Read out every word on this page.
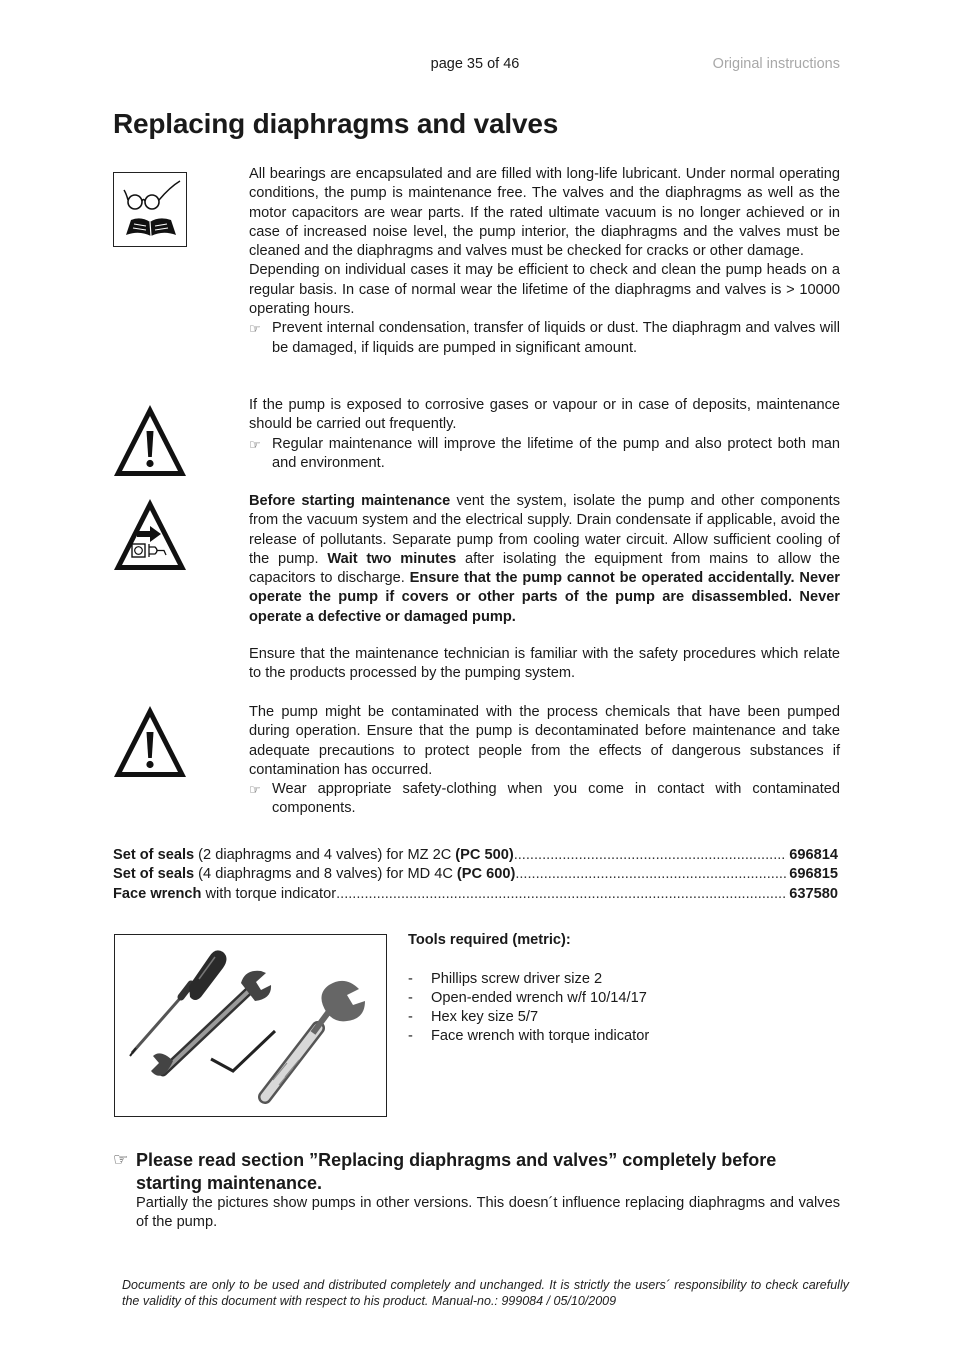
page 35 of 46	Original instructions
Replacing diaphragms and valves

All bearings are encapsulated and are filled with long-life lubricant. Under normal operating conditions, the pump is maintenance free. The valves and the diaphragms as well as the motor capacitors are wear parts. If the rated ultimate vacuum is no longer achieved or in case of increased noise level, the pump interior, the diaphragms and the valves must be cleaned and the diaphragms and valves must be checked for cracks or other damage.

Depending on individual cases it may be efficient to check and clean the pump heads on a regular basis. In case of normal wear the lifetime of the diaphragms and valves is > 10000 operating hours.

☞ Prevent internal condensation, transfer of liquids or dust. The diaphragm and valves will be damaged, if liquids are pumped in significant amount.

If the pump is exposed to corrosive gases or vapour or in case of deposits, maintenance should be carried out frequently.

☞ Regular maintenance will improve the lifetime of the pump and also protect both man and environment.

Before starting maintenance vent the system, isolate the pump and other components from the vacuum system and the electrical supply. Drain condensate if applicable, avoid the release of pollutants. Separate pump from cooling water circuit. Allow sufficient cooling of the pump. Wait two minutes after isolating the equipment from mains to allow the capacitors to discharge. Ensure that the pump cannot be operated accidentally. Never operate the pump if covers or other parts of the pump are disassembled. Never operate a defective or damaged pump.

Ensure that the maintenance technician is familiar with the safety procedures which relate to the products processed by the pumping system.

The pump might be contaminated with the process chemicals that have been pumped during operation. Ensure that the pump is decontaminated before maintenance and take adequate precautions to protect people from the effects of dangerous substances if contamination has occurred.

☞ Wear appropriate safety-clothing when you come in contact with contaminated components.
Set of seals (2 diaphragms and 4 valves) for MZ 2C (PC 500) .....	696814
Set of seals (4 diaphragms and 8 valves) for MD 4C (PC 600) .....	696815
Face wrench with torque indicator .....	637580
Tools required (metric):
- Phillips screw driver size 2
- Open-ended wrench w/f 10/14/17
- Hex key size 5/7
- Face wrench with torque indicator
☞ Please read section ”Replacing diaphragms and valves” completely before starting maintenance.
Partially the pictures show pumps in other versions. This doesn´t influence replacing diaphragms and valves of the pump.
Documents are only to be used and distributed completely and unchanged. It is strictly the users´ responsibility to check carefully the validity of this document with respect to his product. Manual-no.: 999084 / 05/10/2009
